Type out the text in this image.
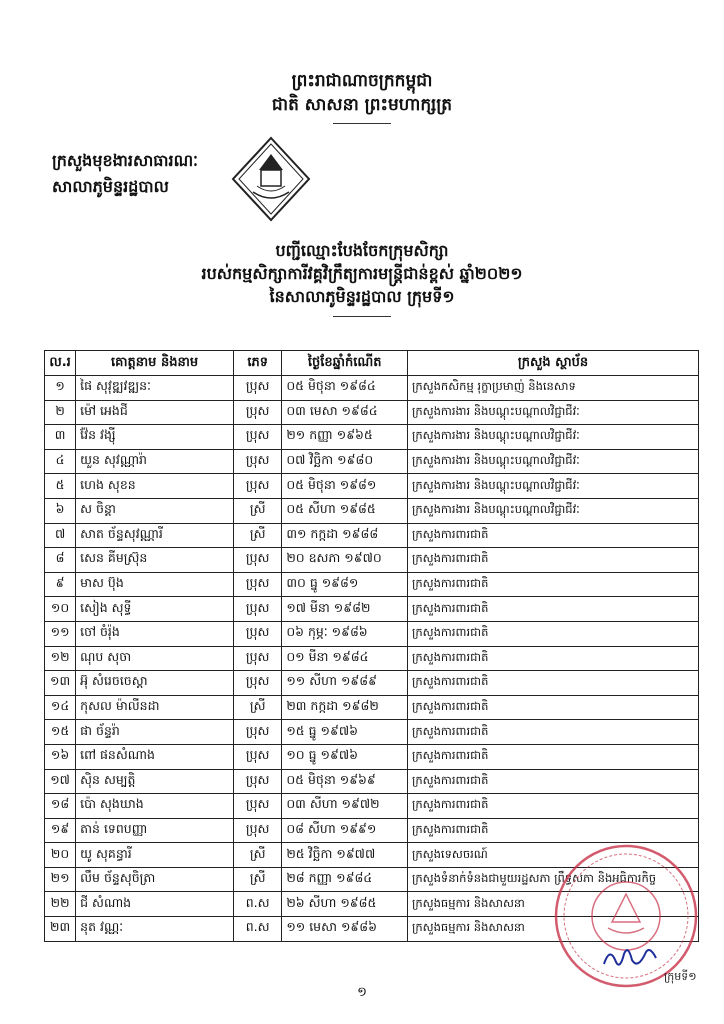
ព្រះរាជាណាចក្រកម្ពុជា
ជាតិ សាសនា ព្រះមហាក្សត្រ
ក្រសួងមុខងារសាធារណៈ
សាលាភូមិន្ទរដ្ឋបាល
បញ្ជីឈ្មោះបែងចែកក្រុមសិក្សា
របស់កម្មសិក្សាការីវគ្គវិក្រឹត្យការមន្ត្រីជាន់ខ្ពស់ ឆ្នាំ២០២១
នៃសាលាភូមិន្ទរដ្ឋបាល ក្រុមទី១
ល.រ	គោត្តនាម និងនាម	ភេទ	ថ្ងៃខែឆ្នាំកំណើត	ក្រសួង ស្ថាប័ន
១	ផៃ សុវុឌ្ឍវឌ្ឍនៈ	ប្រុស	០៥ មិថុនា ១៩៨៤	ក្រសួងកសិកម្ម រុក្ខាប្រមាញ់ និងនេសាទ
២	ម៉ៅ អេងជី	ប្រុស	០៣ មេសា ១៩៨៤	ក្រសួងការងារ និងបណ្តុះបណ្តាលវិជ្ជាជីវៈ
៣	វ៉ែន វង្ស៊ី	ប្រុស	២១ កញ្ញា ១៩៦៥	ក្រសួងការងារ និងបណ្តុះបណ្តាលវិជ្ជាជីវៈ
៤	យួន សុវណ្ណារ៉ា	ប្រុស	០៧ វិច្ឆិកា ១៩៨០	ក្រសួងការងារ និងបណ្តុះបណ្តាលវិជ្ជាជីវៈ
៥	ហេង សុខន	ប្រុស	០៥ មិថុនា ១៩៨១	ក្រសួងការងារ និងបណ្តុះបណ្តាលវិជ្ជាជីវៈ
៦	ស ចិន្តា	ស្រី	០៥ សីហា ១៩៨៥	ក្រសួងការងារ និងបណ្តុះបណ្តាលវិជ្ជាជីវៈ
៧	សាត ច័ន្ទសុវណ្ណារី	ស្រី	៣១ កក្កដា ១៩៨៨	ក្រសួងការពារជាតិ
៨	សេន គីមស្រ៊ុន	ប្រុស	២០ ឧសភា ១៩៧០	ក្រសួងការពារជាតិ
៩	មាស ប៊ុង	ប្រុស	៣០ ធ្នូ ១៩៨១	ក្រសួងការពារជាតិ
១០	សៀង សុទ្ធី	ប្រុស	១៧ មីនា ១៩៨២	ក្រសួងការពារជាតិ
១១	ចៅ ចំរ៉ុង	ប្រុស	០៦ កុម្ភៈ ១៩៨៦	ក្រសួងការពារជាតិ
១២	ណុប សុចា	ប្រុស	០១ មីនា ១៩៨៤	ក្រសួងការពារជាតិ
១៣	អ៊ុ សំរេចចេស្តា	ប្រុស	១១ សីហា ១៩៨៩	ក្រសួងការពារជាតិ
១៤	កុសល ម៉ាលីនដា	ស្រី	២៣ កក្កដា ១៩៨២	ក្រសួងការពារជាតិ
១៥	ផា ច័ន្ទរ៉ា	ប្រុស	១៥ ធ្នូ ១៩៧៦	ក្រសួងការពារជាតិ
១៦	ពៅ ផនសំណាង	ប្រុស	១០ ធ្នូ ១៩៧៦	ក្រសួងការពារជាតិ
១៧	ស៊ិន សម្បត្តិ	ប្រុស	០៥ មិថុនា ១៩៦៩	ក្រសួងការពារជាតិ
១៨	ប៉ោ សុងឃាង	ប្រុស	០៣ សីហា ១៩៧២	ក្រសួងការពារជាតិ
១៩	តាន់ ទេពបញ្ញា	ប្រុស	០៨ សីហា ១៩៩១	ក្រសួងការពារជាតិ
២០	យូ សុគន្ធារី	ស្រី	២៥ វិច្ឆិកា ១៩៧៧	ក្រសួងទេសចរណ៍
២១	លឹម ច័ន្ទសុចិត្រា	ស្រី	២៨ កញ្ញា ១៩៨៤	ក្រសួងទំនាក់ទំនងជាមួយរដ្ឋសភា ព្រឹទ្ធសភា និងអធិការកិច្ច
២២	ជី សំណាង	ព.ស	២៦ សីហា ១៩៨៥	ក្រសួងធម្មការ និងសាសនា
២៣	នុត វណ្ណៈ	ព.ស	១១ មេសា ១៩៨៦	ក្រសួងធម្មការ និងសាសនា
ក្រុមទី១
១
